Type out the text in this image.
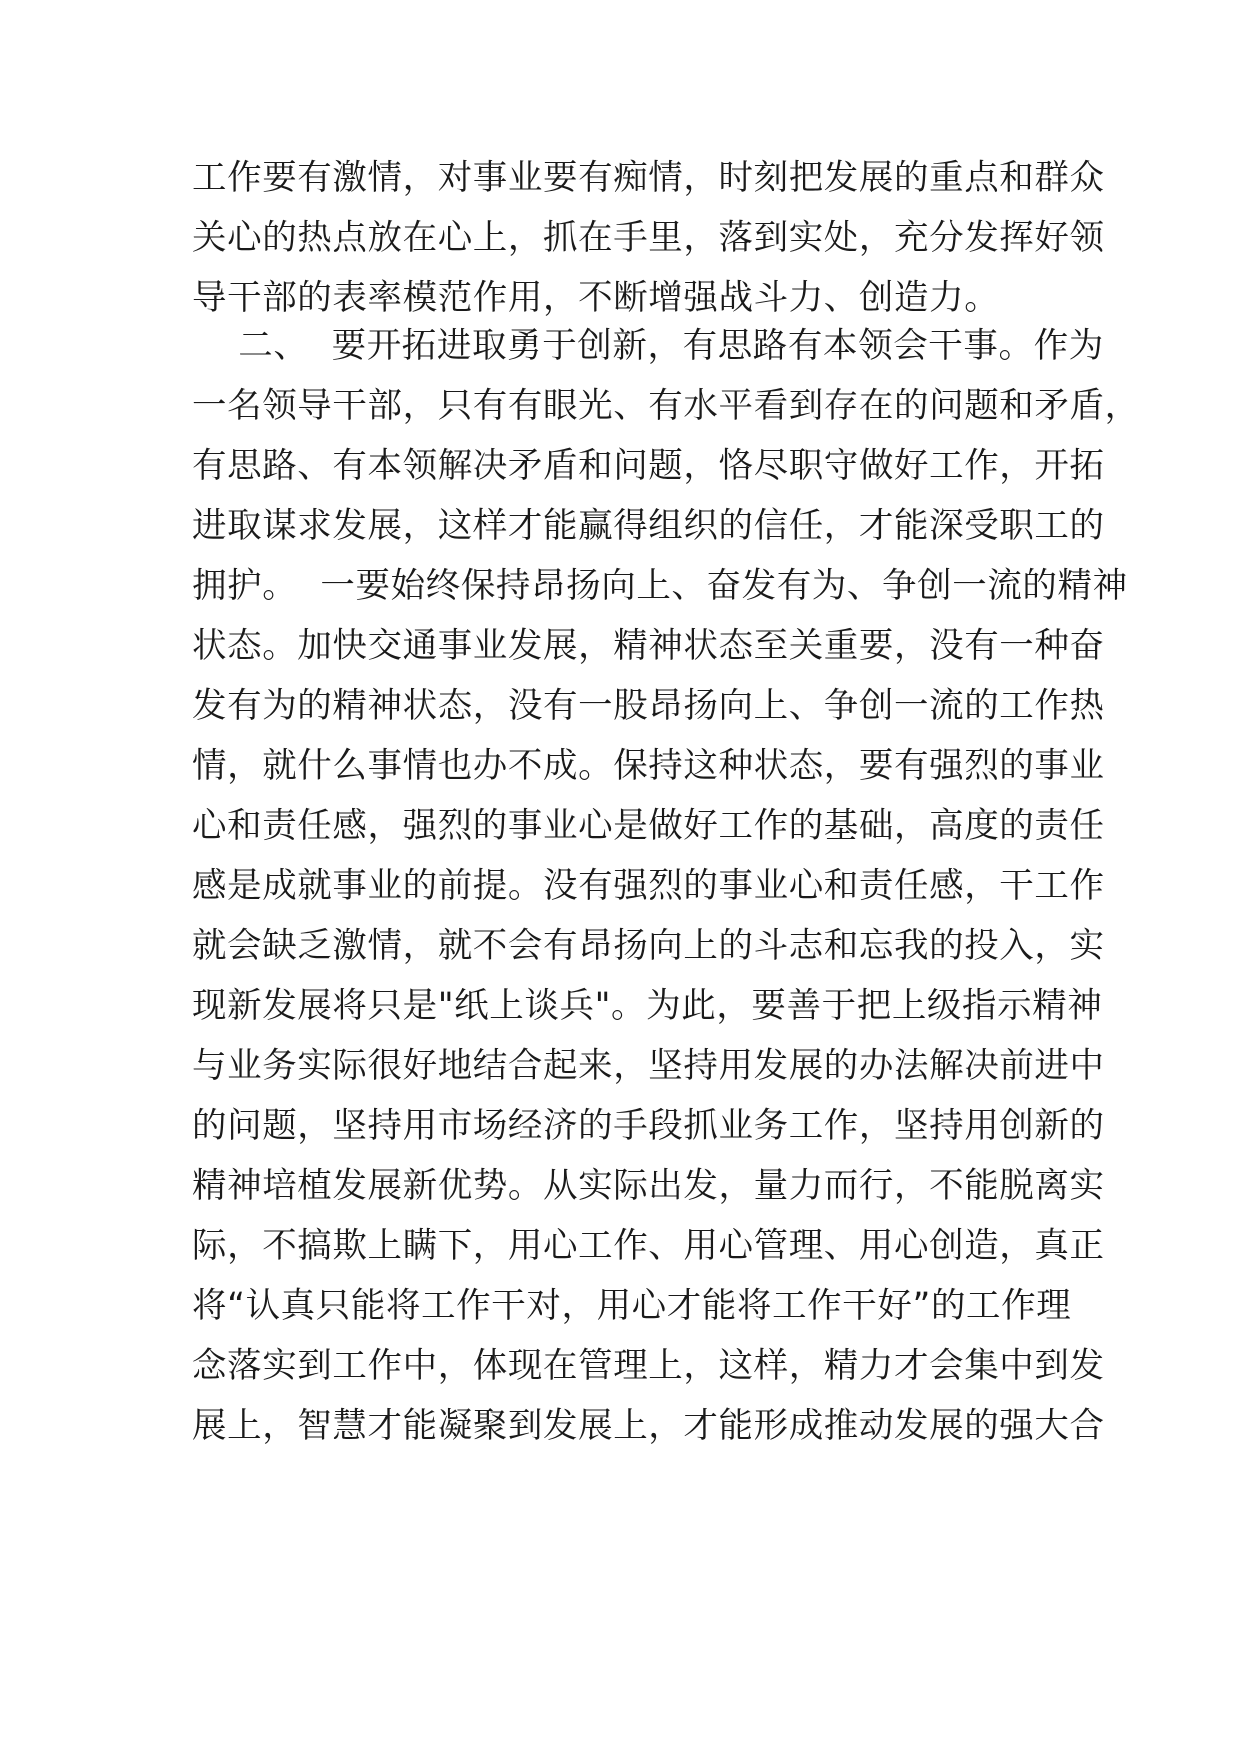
工作要有激情，对事业要有痴情，时刻把发展的重点和群众
关心的热点放在心上，抓在手里，落到实处，充分发挥好领
导干部的表率模范作用，不断增强战斗力、创造力。
二、  要开拓进取勇于创新，有思路有本领会干事。作为
一名领导干部，只有有眼光、有水平看到存在的问题和矛盾，
有思路、有本领解决矛盾和问题，恪尽职守做好工作，开拓
进取谋求发展，这样才能赢得组织的信任，才能深受职工的
拥护。  一要始终保持昂扬向上、奋发有为、争创一流的精神
状态。加快交通事业发展，精神状态至关重要，没有一种奋
发有为的精神状态，没有一股昂扬向上、争创一流的工作热
情，就什么事情也办不成。保持这种状态，要有强烈的事业
心和责任感，强烈的事业心是做好工作的基础，高度的责任
感是成就事业的前提。没有强烈的事业心和责任感，干工作
就会缺乏激情，就不会有昂扬向上的斗志和忘我的投入，实
现新发展将只是"纸上谈兵"。为此，要善于把上级指示精神
与业务实际很好地结合起来，坚持用发展的办法解决前进中
的问题，坚持用市场经济的手段抓业务工作，坚持用创新的
精神培植发展新优势。从实际出发，量力而行，不能脱离实
际，不搞欺上瞒下，用心工作、用心管理、用心创造，真正
将“认真只能将工作干对，用心才能将工作干好”的工作理
念落实到工作中，体现在管理上，这样，精力才会集中到发
展上，智慧才能凝聚到发展上，才能形成推动发展的强大合
